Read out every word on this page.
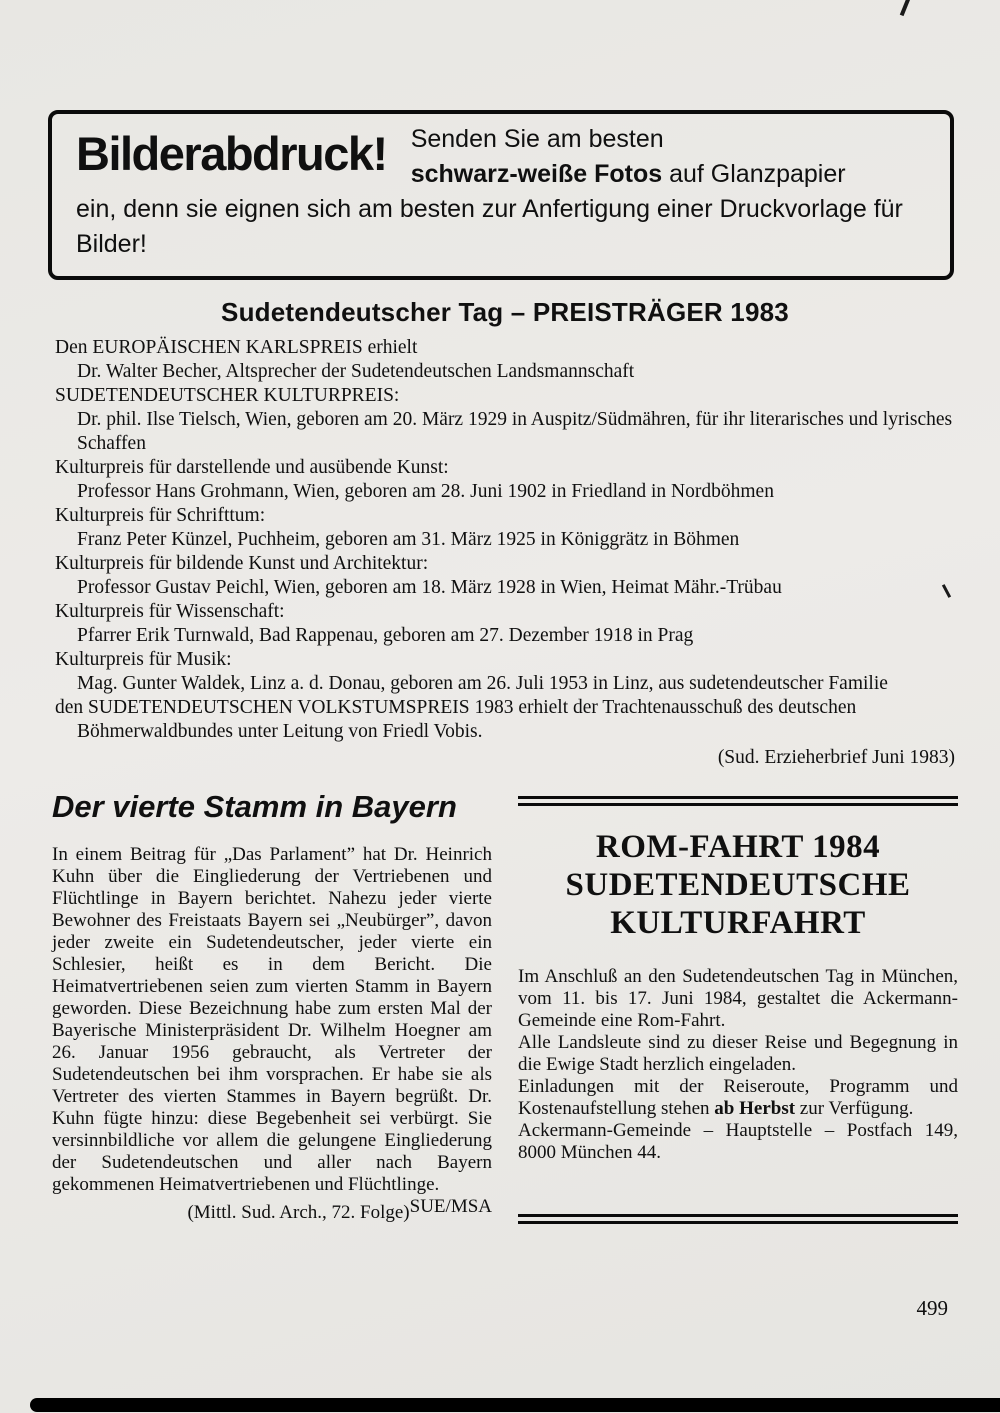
Bilderabdruck! Senden Sie am besten
schwarz-weiße Fotos auf Glanzpapier
ein, denn sie eignen sich am besten zur Anfertigung einer Druckvorlage für Bilder!
Sudetendeutscher Tag – PREISTRÄGER 1983
Den EUROPÄISCHEN KARLSPREIS erhielt
Dr. Walter Becher, Altsprecher der Sudetendeutschen Landsmannschaft
SUDETENDEUTSCHER KULTURPREIS:
Dr. phil. Ilse Tielsch, Wien, geboren am 20. März 1929 in Auspitz/Südmähren, für ihr literarisches und lyrisches Schaffen
Kulturpreis für darstellende und ausübende Kunst:
Professor Hans Grohmann, Wien, geboren am 28. Juni 1902 in Friedland in Nordböhmen
Kulturpreis für Schrifttum:
Franz Peter Künzel, Puchheim, geboren am 31. März 1925 in Königgrätz in Böhmen
Kulturpreis für bildende Kunst und Architektur:
Professor Gustav Peichl, Wien, geboren am 18. März 1928 in Wien, Heimat Mähr.-Trübau
Kulturpreis für Wissenschaft:
Pfarrer Erik Turnwald, Bad Rappenau, geboren am 27. Dezember 1918 in Prag
Kulturpreis für Musik:
Mag. Gunter Waldek, Linz a. d. Donau, geboren am 26. Juli 1953 in Linz, aus sudetendeutscher Familie

den SUDETENDEUTSCHEN VOLKSTUMSPREIS 1983 erhielt der Trachtenausschuß des deutschen Böhmerwaldbundes unter Leitung von Friedl Vobis.

(Sud. Erzieherbrief Juni 1983)

Der vierte Stamm in Bayern

In einem Beitrag für „Das Parlament” hat Dr. Heinrich Kuhn über die Eingliederung der Vertriebenen und Flüchtlinge in Bayern berichtet. Nahezu jeder vierte Bewohner des Freistaats Bayern sei „Neubürger”, davon jeder zweite ein Sudetendeutscher, jeder vierte ein Schlesier, heißt es in dem Bericht. Die Heimatvertriebenen seien zum vierten Stamm in Bayern geworden. Diese Bezeichnung habe zum ersten Mal der Bayerische Ministerpräsident Dr. Wilhelm Hoegner am 26. Januar 1956 gebraucht, als Vertreter der Sudetendeutschen bei ihm vorsprachen. Er habe sie als Vertreter des vierten Stammes in Bayern begrüßt. Dr. Kuhn fügte hinzu: diese Begebenheit sei verbürgt. Sie versinnbildliche vor allem die gelungene Eingliederung der Sudetendeutschen und aller nach Bayern gekommenen Heimatvertriebenen und Flüchtlinge.
SUE/MSA

(Mittl. Sud. Arch., 72. Folge)

ROM-FAHRT 1984
SUDETENDEUTSCHE
KULTURFAHRT

Im Anschluß an den Sudetendeutschen Tag in München, vom 11. bis 17. Juni 1984, gestaltet die Ackermann-Gemeinde eine Rom-Fahrt.

Alle Landsleute sind zu dieser Reise und Begegnung in die Ewige Stadt herzlich eingeladen.

Einladungen mit der Reiseroute, Programm und Kostenaufstellung stehen ab Herbst zur Verfügung.

Ackermann-Gemeinde – Hauptstelle – Postfach 149, 8000 München 44.

499
